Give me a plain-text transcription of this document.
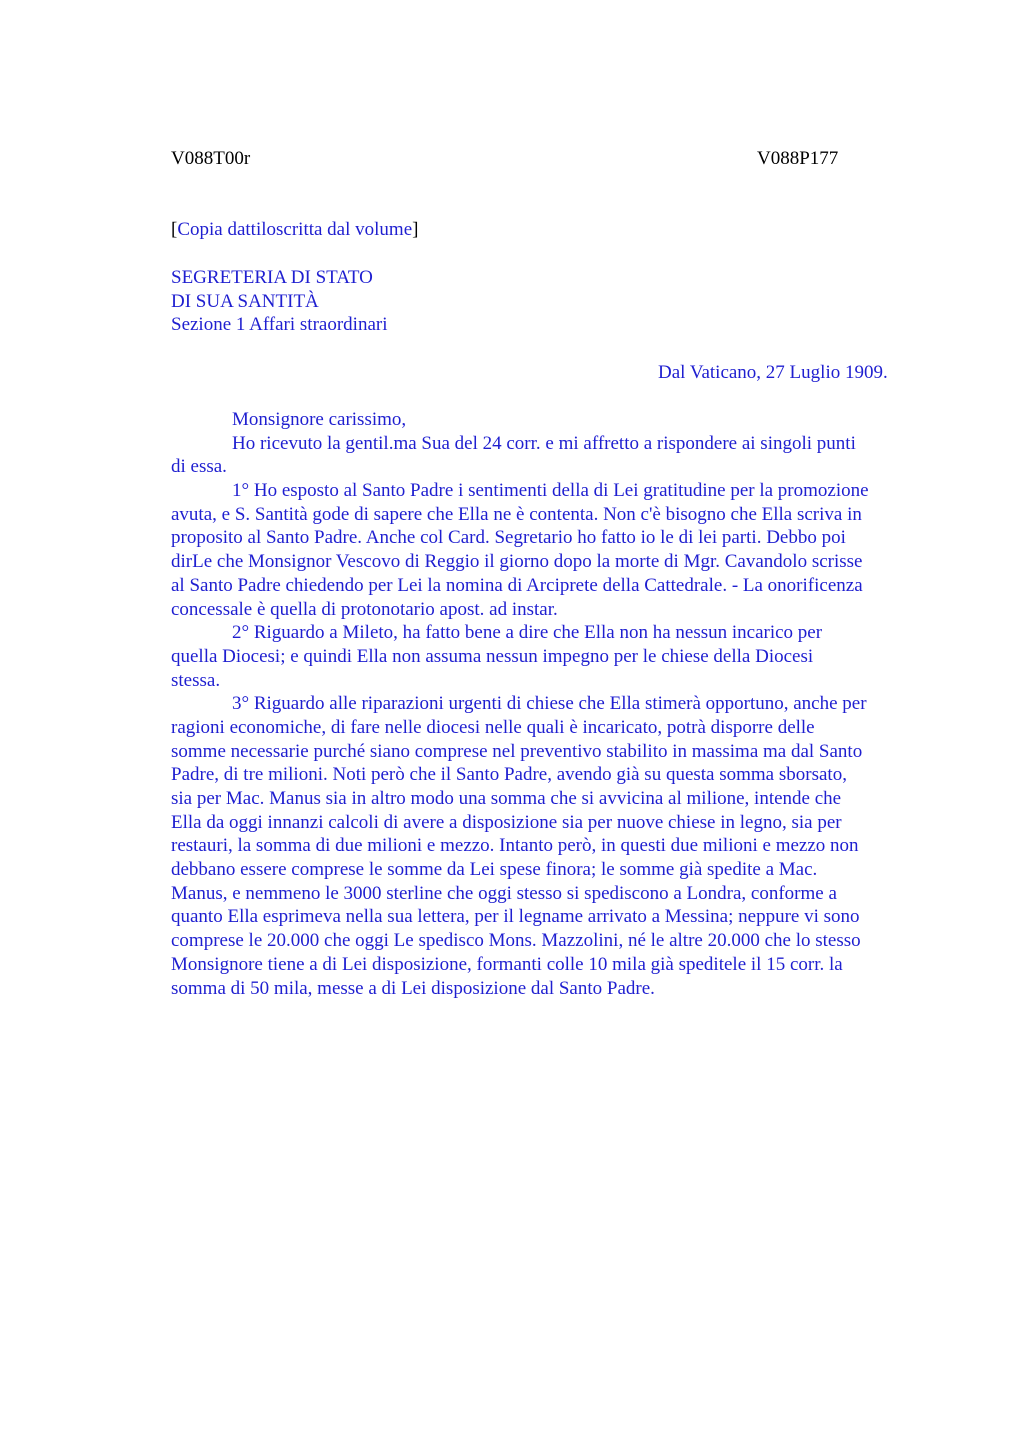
V088T00r	V088P177
[Copia dattiloscritta dal volume]
SEGRETERIA DI STATO
DI SUA SANTITÀ
Sezione 1 Affari straordinari
Dal Vaticano, 27 Luglio 1909.
Monsignore carissimo,
Ho ricevuto la gentil.ma Sua del 24 corr. e mi affretto a rispondere ai singoli punti
di essa.
1° Ho esposto al Santo Padre i sentimenti della di Lei gratitudine per la promozione
avuta, e S. Santità gode di sapere che Ella ne è contenta. Non c'è bisogno che Ella scriva in
proposito al Santo Padre. Anche col Card. Segretario ho fatto io le di lei parti. Debbo poi
dirLe che Monsignor Vescovo di Reggio il giorno dopo la morte di Mgr. Cavandolo scrisse
al Santo Padre chiedendo per Lei la nomina di Arciprete della Cattedrale. - La onorificenza
concessale è quella di protonotario apost. ad instar.
2° Riguardo a Mileto, ha fatto bene a dire che Ella non ha nessun incarico per
quella Diocesi; e quindi Ella non assuma nessun impegno per le chiese della Diocesi
stessa.
3° Riguardo alle riparazioni urgenti di chiese che Ella stimerà opportuno, anche per
ragioni economiche, di fare nelle diocesi nelle quali è incaricato, potrà disporre delle
somme necessarie purché siano comprese nel preventivo stabilito in massima ma dal Santo
Padre, di tre milioni. Noti però che il Santo Padre, avendo già su questa somma sborsato,
sia per Mac. Manus sia in altro modo una somma che si avvicina al milione, intende che
Ella da oggi innanzi calcoli di avere a disposizione sia per nuove chiese in legno, sia per
restauri, la somma di due milioni e mezzo. Intanto però, in questi due milioni e mezzo non
debbano essere comprese le somme da Lei spese finora; le somme già spedite a Mac.
Manus, e nemmeno le 3000 sterline che oggi stesso si spediscono a Londra, conforme a
quanto Ella esprimeva nella sua lettera, per il legname arrivato a Messina; neppure vi sono
comprese le 20.000 che oggi Le spedisco Mons. Mazzolini, né le altre 20.000 che lo stesso
Monsignore tiene a di Lei disposizione, formanti colle 10 mila già speditele il 15 corr. la
somma di 50 mila, messe a di Lei disposizione dal Santo Padre.
